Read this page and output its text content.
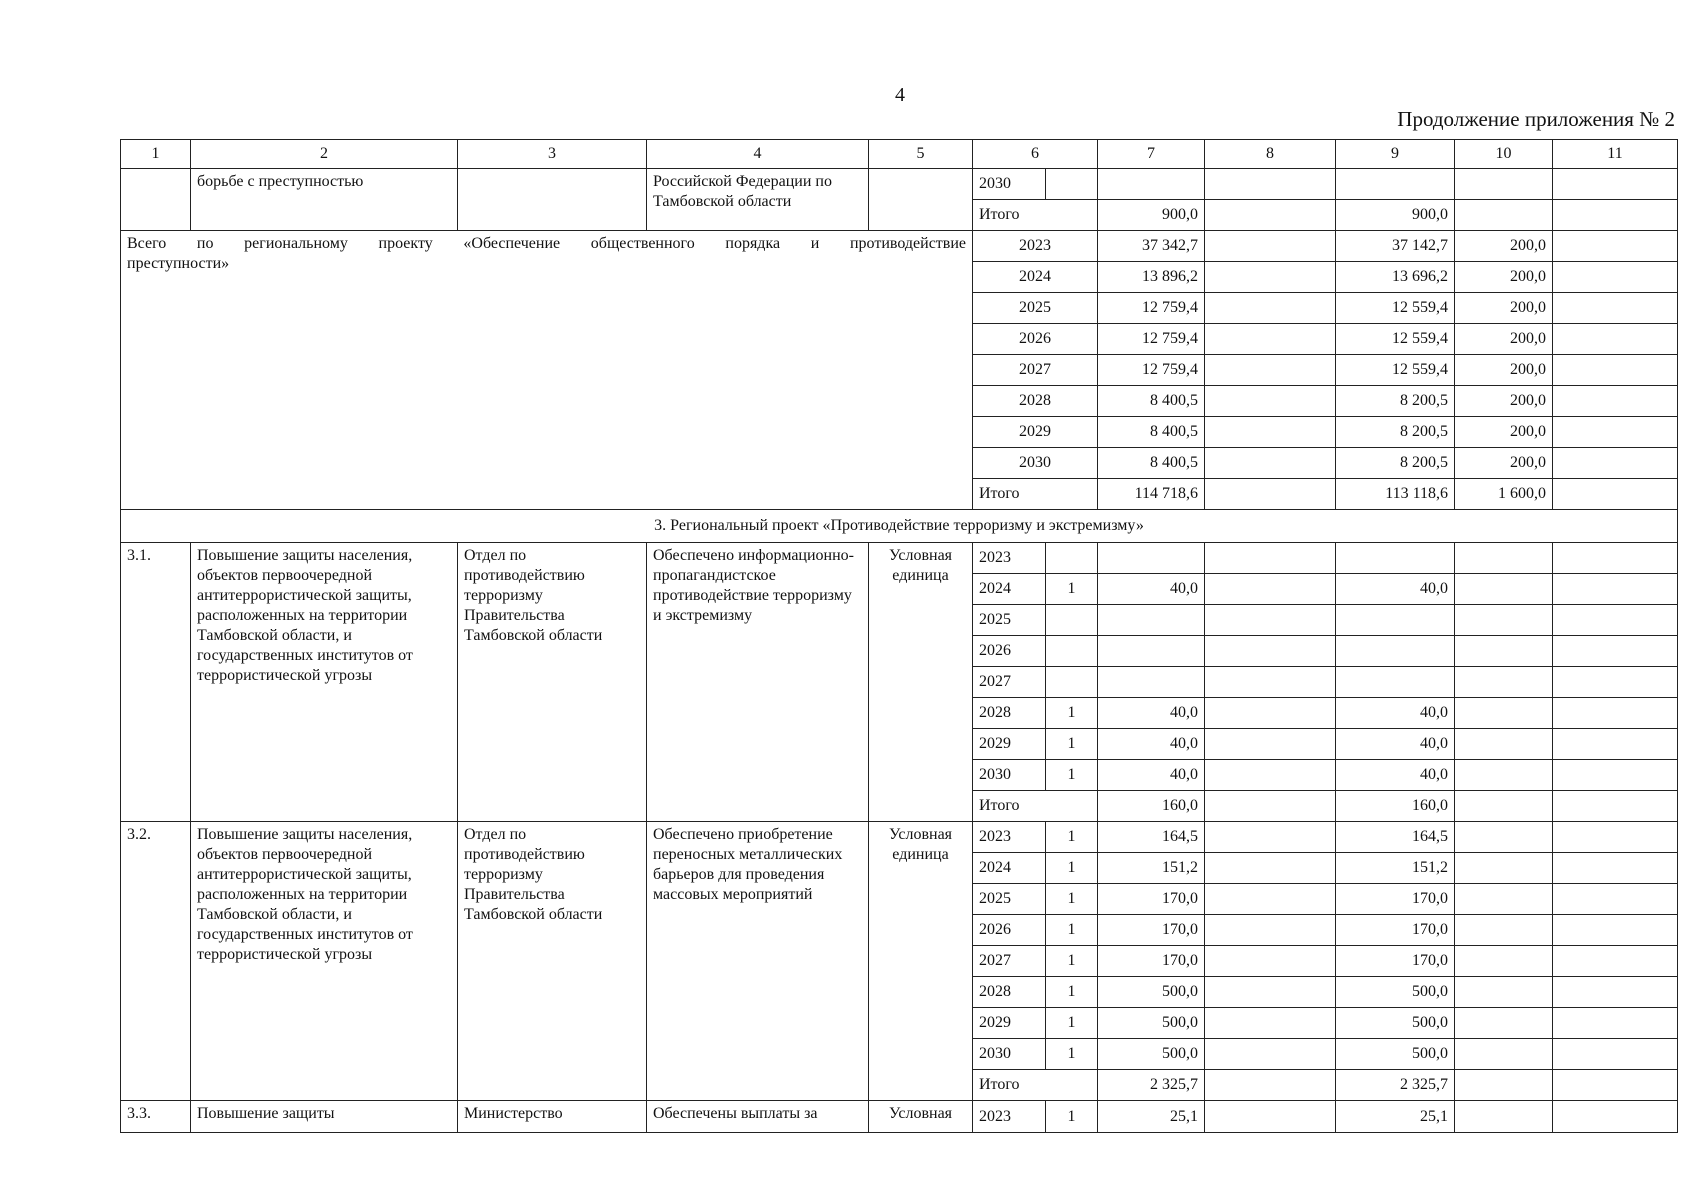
4
Продолжение приложения № 2
1	2	3	4	5	6		7	8	9	10	11
	борьбе с преступностью		Российской Федерации по Тамбовской области		2030						
					Итого		900,0		900,0		

Всего по региональному проекту «Обеспечение общественного порядка и противодействие
преступности»					2023		37 342,7		37 142,7	200,0	
					2024		13 896,2		13 696,2	200,0	
					2025		12 759,4		12 559,4	200,0	
					2026		12 759,4		12 559,4	200,0	
					2027		12 759,4		12 559,4	200,0	
					2028		8 400,5		8 200,5	200,0	
					2029		8 400,5		8 200,5	200,0	
					2030		8 400,5		8 200,5	200,0	
					Итого		114 718,6		113 118,6	1 600,0	
3. Региональный проект «Противодействие терроризму и экстремизму»											
3.1.	Повышение защиты населения, объектов первоочередной антитеррористической защиты, расположенных на территории Тамбовской области, и государственных институтов от террористической угрозы	Отдел по противодействию терроризму Правительства Тамбовской области	Обеспечено информационно-пропагандистское противодействие терроризму и экстремизму	Условная единица	2023						
					2024	1	40,0		40,0		
					2025						
					2026						
					2027						
					2028	1	40,0		40,0		
					2029	1	40,0		40,0		
					2030	1	40,0		40,0		
					Итого		160,0		160,0		
3.2.	Повышение защиты населения, объектов первоочередной антитеррористической защиты, расположенных на территории Тамбовской области, и государственных институтов от террористической угрозы	Отдел по противодействию терроризму Правительства Тамбовской области	Обеспечено приобретение переносных металлических барьеров для проведения массовых мероприятий	Условная единица	2023	1	164,5		164,5		
					2024	1	151,2		151,2		
					2025	1	170,0		170,0		
					2026	1	170,0		170,0		
					2027	1	170,0		170,0		
					2028	1	500,0		500,0		
					2029	1	500,0		500,0		
					2030	1	500,0		500,0		
					Итого		2 325,7		2 325,7		
3.3.	Повышение защиты	Министерство	Обеспечены выплаты за	Условная	2023	1	25,1		25,1		
